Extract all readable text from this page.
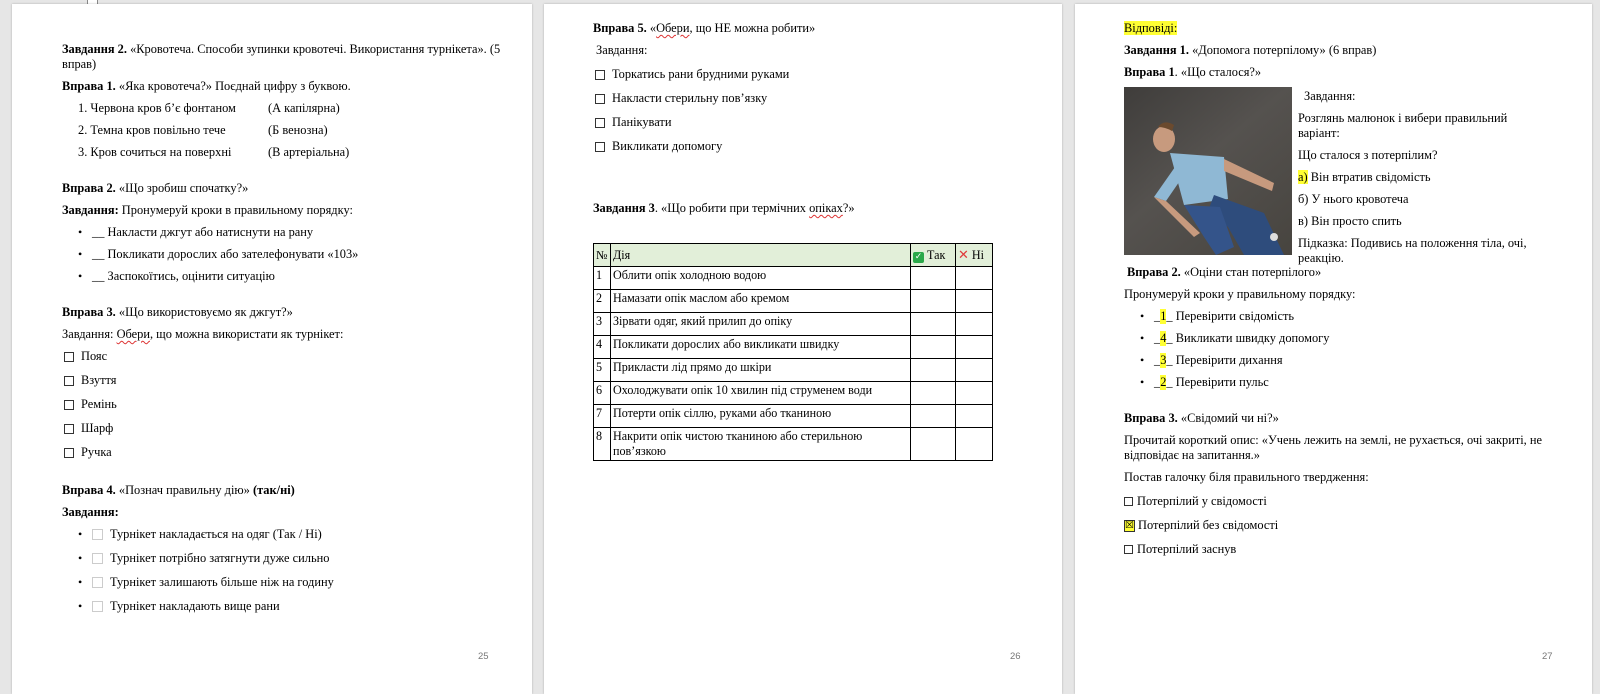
Завдання 2. «Кровотеча. Способи зупинки кровотечі. Використання турнікета». (5 вправ)
Вправа 1. «Яка кровотеча?» Поєднай цифру з буквою.
1. Червона кров б’є фонтаном	(А капілярна)
2. Темна кров повільно тече	(Б венозна)
3. Кров сочиться на поверхні	(В артеріальна)
Вправа 2. «Що зробиш спочатку?»
Завдання: Пронумеруй кроки в правильному порядку:
• __ Накласти джгут або натиснути на рану
• __ Покликати дорослих або зателефонувати «103»
• __ Заспокоїтись, оцінити ситуацію
Вправа 3. «Що використовуємо як джгут?»
Завдання: Обери, що можна використати як турнікет:
Пояс
Взуття
Ремінь
Шарф
Ручка
Вправа 4. «Познач правильну дію» (так/ні)
Завдання:
•	Турнікет накладається на одяг (Так / Ні)
•	Турнікет потрібно затягнути дуже сильно
•	Турнікет залишають більше ніж на годину
•	Турнікет накладають вище рани
25
Вправа 5. «Обери, що НЕ можна робити»
Завдання:
Торкатись рани брудними руками
Накласти стерильну пов’язку
Панікувати
Викликати допомогу
Завдання 3. «Що робити при термічних опіках?»
№	Дія	✓ Так	✕ Ні
1	Облити опік холодною водою		
2	Намазати опік маслом або кремом		
3	Зірвати одяг, який прилип до опіку		
4	Покликати дорослих або викликати швидку		
5	Прикласти лід прямо до шкіри		
6	Охолоджувати опік 10 хвилин під струменем води		
7	Потерти опік сіллю, руками або тканиною		
8	Накрити опік чистою тканиною або стерильною пов’язкою		
26
Відповіді:
Завдання 1. «Допомога потерпілому» (6 вправ)
Вправа 1. «Що сталося?»
Завдання:
Розглянь малюнок і вибери правильний варіант:
Що сталося з потерпілим?
а) Він втратив свідомість
б) У нього кровотеча
в) Він просто спить
Підказка: Подивись на положення тіла, очі, реакцію.
Вправа 2. «Оціни стан потерпілого»
Пронумеруй кроки у правильному порядку:
• _ 1 _ Перевірити свідомість
• _ 4 _ Викликати швидку допомогу
• _ 3 _ Перевірити дихання
• _ 2 _ Перевірити пульс
Вправа 3. «Свідомий чи ні?»
Прочитай короткий опис: «Учень лежить на землі, не рухається, очі закриті, не відповідає на запитання.»
Постав галочку біля правильного твердження:
Потерпілий у свідомості
☒ Потерпілий без свідомості
Потерпілий заснув
27
